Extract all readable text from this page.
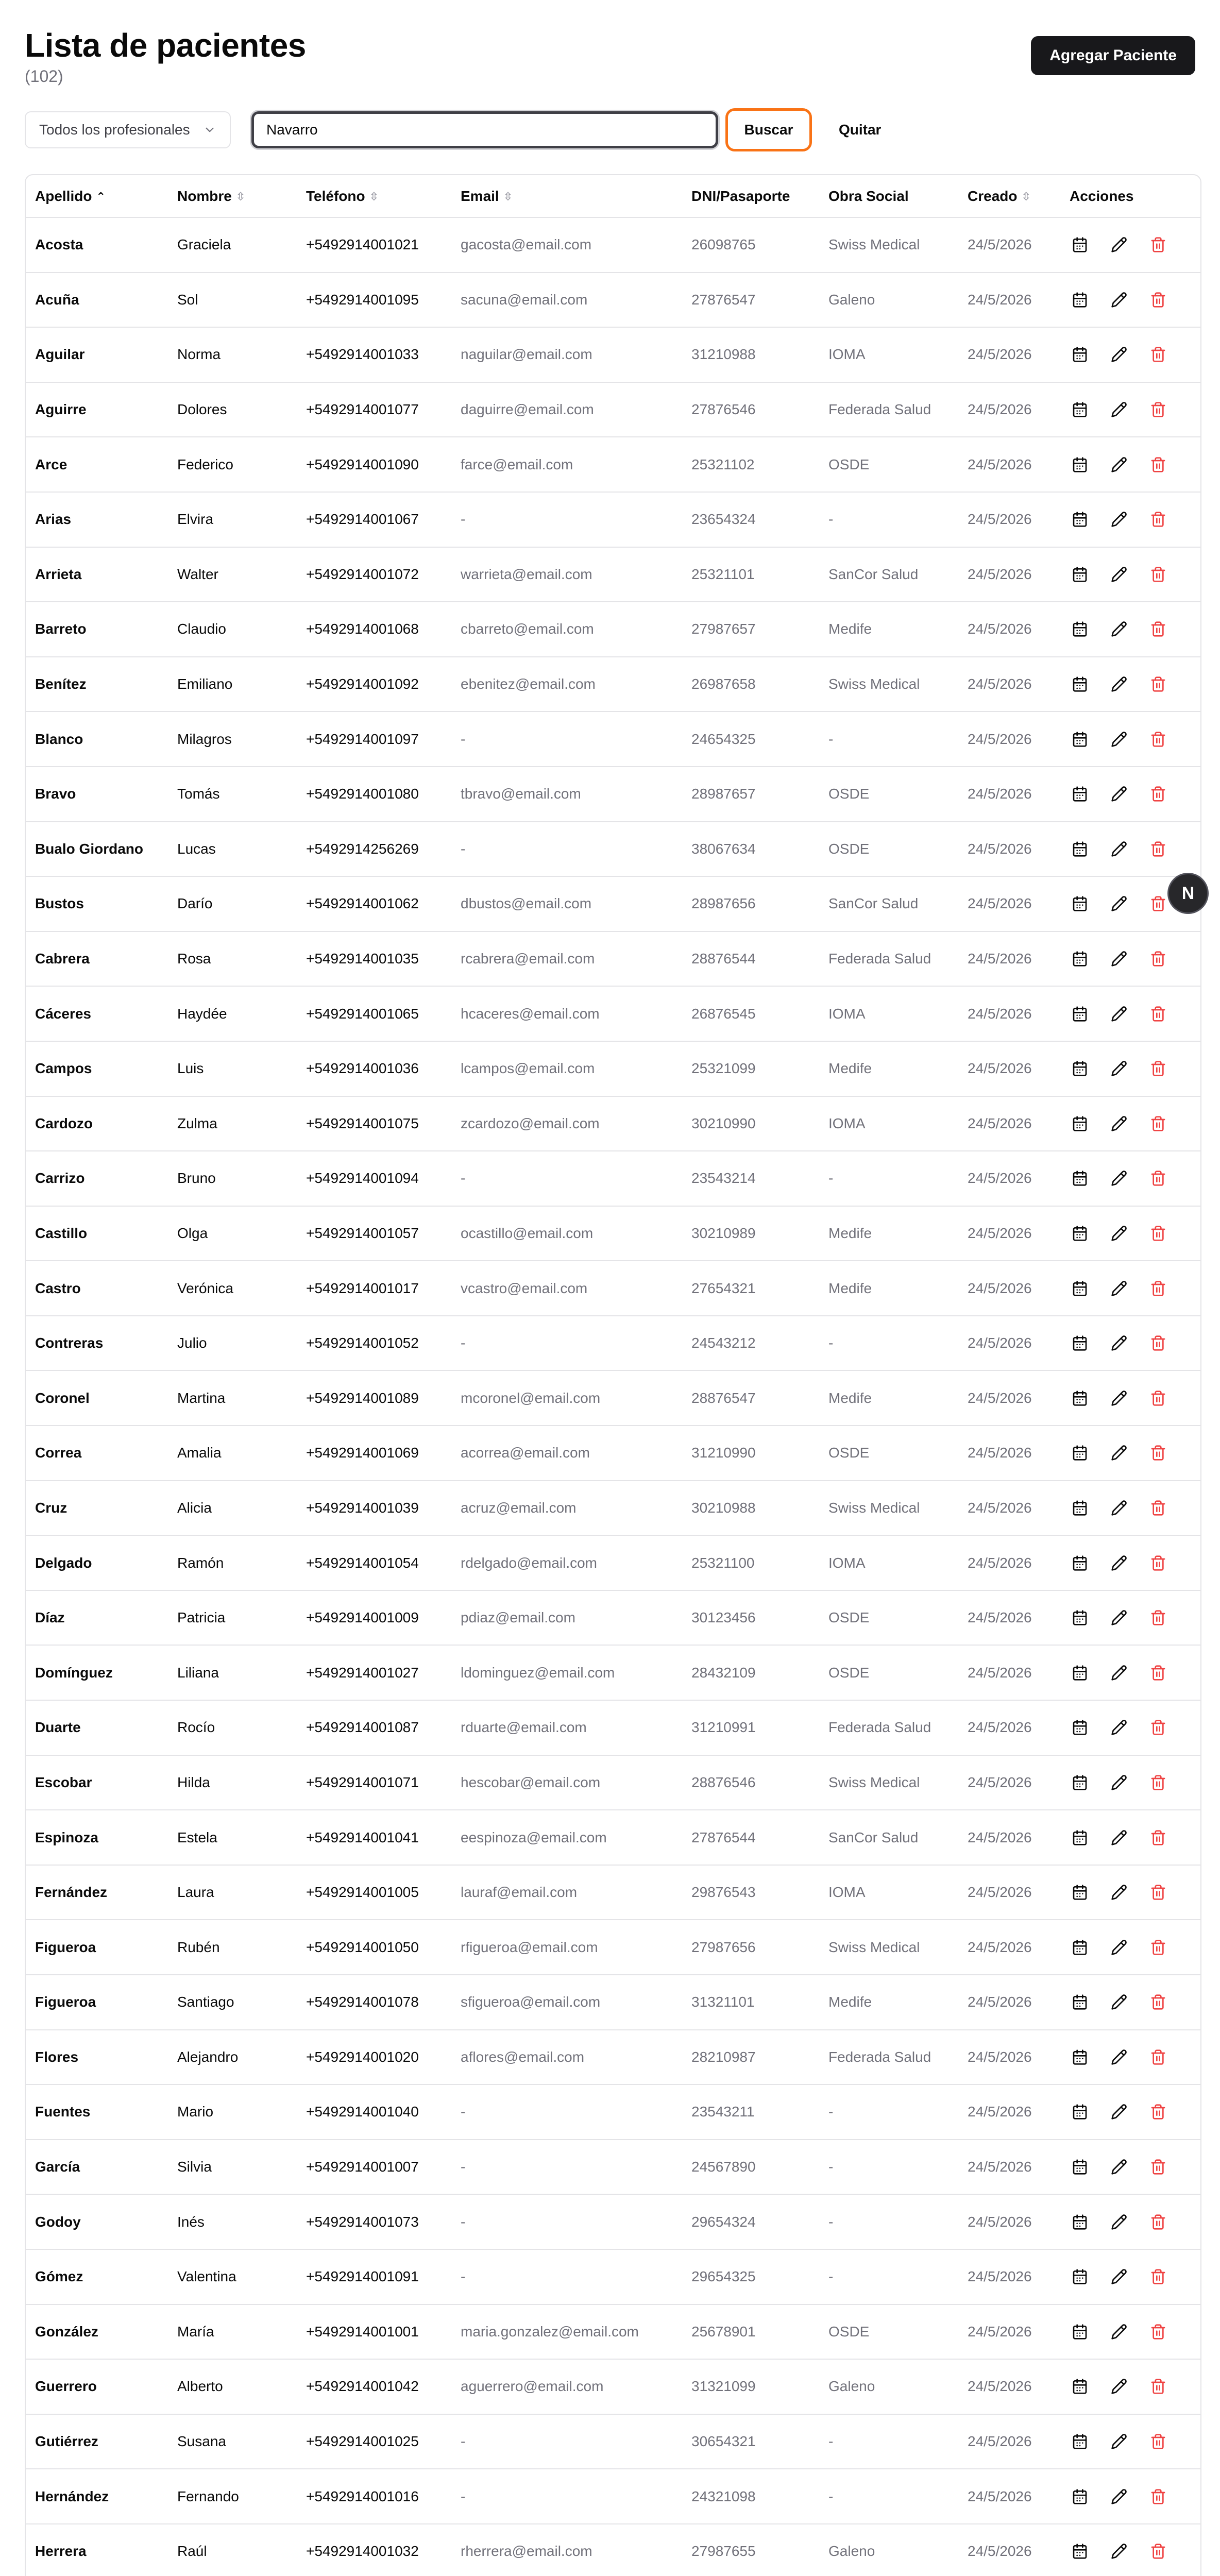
Lista de pacientes
(102)
Agregar Paciente
Todos los profesionales	Navarro	Buscar	Quitar
Apellido ⌃	Nombre ⇳	Teléfono ⇳	Email ⇳	DNI/Pasaporte	Obra Social	Creado ⇳	Acciones
Acosta	Graciela	+5492914001021	gacosta@email.com	26098765	Swiss Medical	24/5/2026	

Acuña	Sol	+5492914001095	sacuna@email.com	27876547	Galeno	24/5/2026	

Aguilar	Norma	+5492914001033	naguilar@email.com	31210988	IOMA	24/5/2026	

Aguirre	Dolores	+5492914001077	daguirre@email.com	27876546	Federada Salud	24/5/2026	

Arce	Federico	+5492914001090	farce@email.com	25321102	OSDE	24/5/2026	

Arias	Elvira	+5492914001067	-	23654324	-	24/5/2026	

Arrieta	Walter	+5492914001072	warrieta@email.com	25321101	SanCor Salud	24/5/2026	

Barreto	Claudio	+5492914001068	cbarreto@email.com	27987657	Medife	24/5/2026	

Benítez	Emiliano	+5492914001092	ebenitez@email.com	26987658	Swiss Medical	24/5/2026	

Blanco	Milagros	+5492914001097	-	24654325	-	24/5/2026	

Bravo	Tomás	+5492914001080	tbravo@email.com	28987657	OSDE	24/5/2026	

Bualo Giordano	Lucas	+5492914256269	-	38067634	OSDE	24/5/2026	

Bustos	Darío	+5492914001062	dbustos@email.com	28987656	SanCor Salud	24/5/2026	

Cabrera	Rosa	+5492914001035	rcabrera@email.com	28876544	Federada Salud	24/5/2026	

Cáceres	Haydée	+5492914001065	hcaceres@email.com	26876545	IOMA	24/5/2026	

Campos	Luis	+5492914001036	lcampos@email.com	25321099	Medife	24/5/2026	

Cardozo	Zulma	+5492914001075	zcardozo@email.com	30210990	IOMA	24/5/2026	

Carrizo	Bruno	+5492914001094	-	23543214	-	24/5/2026	

Castillo	Olga	+5492914001057	ocastillo@email.com	30210989	Medife	24/5/2026	

Castro	Verónica	+5492914001017	vcastro@email.com	27654321	Medife	24/5/2026	

Contreras	Julio	+5492914001052	-	24543212	-	24/5/2026	

Coronel	Martina	+5492914001089	mcoronel@email.com	28876547	Medife	24/5/2026	

Correa	Amalia	+5492914001069	acorrea@email.com	31210990	OSDE	24/5/2026	

Cruz	Alicia	+5492914001039	acruz@email.com	30210988	Swiss Medical	24/5/2026	

Delgado	Ramón	+5492914001054	rdelgado@email.com	25321100	IOMA	24/5/2026	

Díaz	Patricia	+5492914001009	pdiaz@email.com	30123456	OSDE	24/5/2026	

Domínguez	Liliana	+5492914001027	ldominguez@email.com	28432109	OSDE	24/5/2026	

Duarte	Rocío	+5492914001087	rduarte@email.com	31210991	Federada Salud	24/5/2026	

Escobar	Hilda	+5492914001071	hescobar@email.com	28876546	Swiss Medical	24/5/2026	

Espinoza	Estela	+5492914001041	eespinoza@email.com	27876544	SanCor Salud	24/5/2026	

Fernández	Laura	+5492914001005	lauraf@email.com	29876543	IOMA	24/5/2026	

Figueroa	Rubén	+5492914001050	rfigueroa@email.com	27987656	Swiss Medical	24/5/2026	

Figueroa	Santiago	+5492914001078	sfigueroa@email.com	31321101	Medife	24/5/2026	

Flores	Alejandro	+5492914001020	aflores@email.com	28210987	Federada Salud	24/5/2026	

Fuentes	Mario	+5492914001040	-	23543211	-	24/5/2026	

García	Silvia	+5492914001007	-	24567890	-	24/5/2026	

Godoy	Inés	+5492914001073	-	29654324	-	24/5/2026	

Gómez	Valentina	+5492914001091	-	29654325	-	24/5/2026	

González	María	+5492914001001	maria.gonzalez@email.com	25678901	OSDE	24/5/2026	

Guerrero	Alberto	+5492914001042	aguerrero@email.com	31321099	Galeno	24/5/2026	

Gutiérrez	Susana	+5492914001025	-	30654321	-	24/5/2026	

Hernández	Fernando	+5492914001016	-	24321098	-	24/5/2026	

Herrera	Raúl	+5492914001032	rherrera@email.com	27987655	Galeno	24/5/2026	

N
